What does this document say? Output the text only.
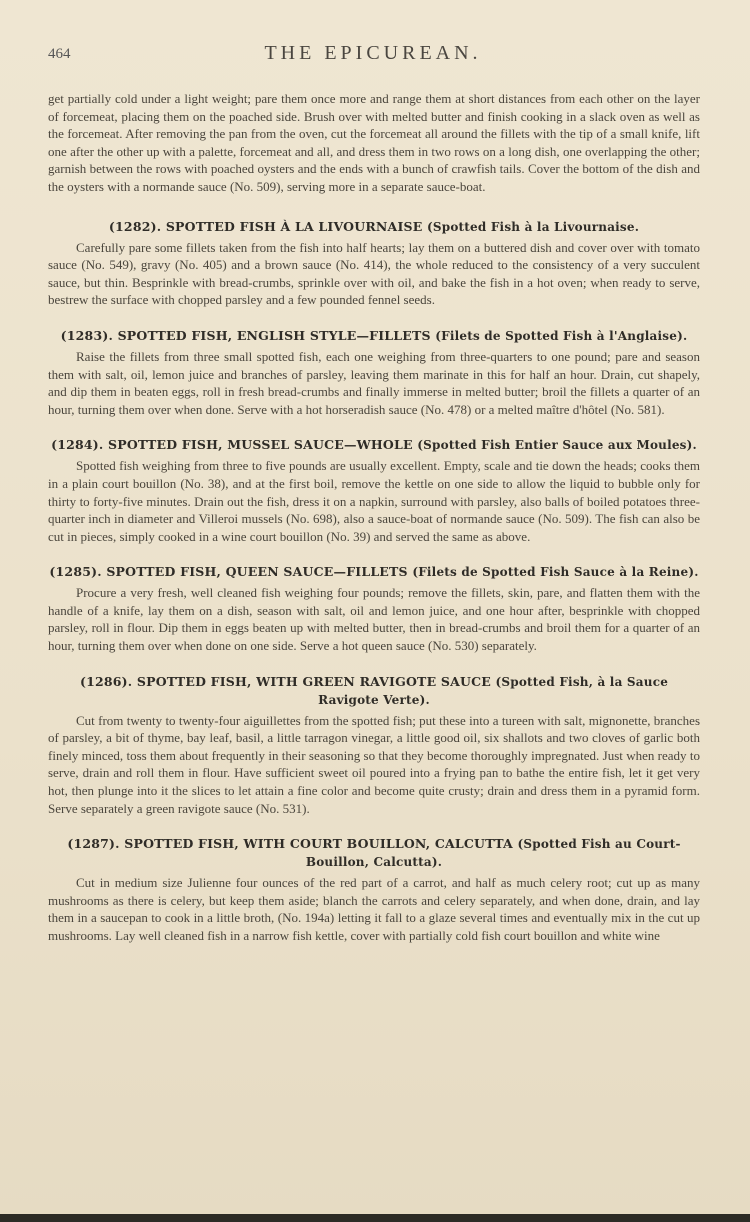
464	THE EPICUREAN.

get partially cold under a light weight; pare them once more and range them at short distances from each other on the layer of forcemeat, placing them on the poached side. Brush over with melted butter and finish cooking in a slack oven as well as the forcemeat. After removing the pan from the oven, cut the forcemeat all around the fillets with the tip of a small knife, lift one after the other up with a palette, forcemeat and all, and dress them in two rows on a long dish, one overlapping the other; garnish between the rows with poached oysters and the ends with a bunch of crawfish tails. Cover the bottom of the dish and the oysters with a normande sauce (No. 509), serving more in a separate sauce-boat.

(1282). SPOTTED FISH À LA LIVOURNAISE (Spotted Fish à la Livournaise.

Carefully pare some fillets taken from the fish into half hearts; lay them on a buttered dish and cover over with tomato sauce (No. 549), gravy (No. 405) and a brown sauce (No. 414), the whole reduced to the consistency of a very succulent sauce, but thin. Besprinkle with bread-crumbs, sprinkle over with oil, and bake the fish in a hot oven; when ready to serve, bestrew the surface with chopped parsley and a few pounded fennel seeds.

(1283). SPOTTED FISH, ENGLISH STYLE—FILLETS (Filets de Spotted Fish à l'Anglaise).

Raise the fillets from three small spotted fish, each one weighing from three-quarters to one pound; pare and season them with salt, oil, lemon juice and branches of parsley, leaving them marinate in this for half an hour. Drain, cut shapely, and dip them in beaten eggs, roll in fresh bread-crumbs and finally immerse in melted butter; broil the fillets a quarter of an hour, turning them over when done. Serve with a hot horseradish sauce (No. 478) or a melted maître d'hôtel (No. 581).

(1284). SPOTTED FISH, MUSSEL SAUCE—WHOLE (Spotted Fish Entier Sauce aux Moules).

Spotted fish weighing from three to five pounds are usually excellent. Empty, scale and tie down the heads; cooks them in a plain court bouillon (No. 38), and at the first boil, remove the kettle on one side to allow the liquid to bubble only for thirty to forty-five minutes. Drain out the fish, dress it on a napkin, surround with parsley, also balls of boiled potatoes three-quarter inch in diameter and Villeroi mussels (No. 698), also a sauce-boat of normande sauce (No. 509). The fish can also be cut in pieces, simply cooked in a wine court bouillon (No. 39) and served the same as above.

(1285). SPOTTED FISH, QUEEN SAUCE—FILLETS (Filets de Spotted Fish Sauce à la Reine).

Procure a very fresh, well cleaned fish weighing four pounds; remove the fillets, skin, pare, and flatten them with the handle of a knife, lay them on a dish, season with salt, oil and lemon juice, and one hour after, besprinkle with chopped parsley, roll in flour. Dip them in eggs beaten up with melted butter, then in bread-crumbs and broil them for a quarter of an hour, turning them over when done on one side. Serve a hot queen sauce (No. 530) separately.

(1286). SPOTTED FISH, WITH GREEN RAVIGOTE SAUCE (Spotted Fish, à la Sauce Ravigote Verte).

Cut from twenty to twenty-four aiguillettes from the spotted fish; put these into a tureen with salt, mignonette, branches of parsley, a bit of thyme, bay leaf, basil, a little tarragon vinegar, a little good oil, six shallots and two cloves of garlic both finely minced, toss them about frequently in their seasoning so that they become thoroughly impregnated. Just when ready to serve, drain and roll them in flour. Have sufficient sweet oil poured into a frying pan to bathe the entire fish, let it get very hot, then plunge into it the slices to let attain a fine color and become quite crusty; drain and dress them in a pyramid form. Serve separately a green ravigote sauce (No. 531).

(1287). SPOTTED FISH, WITH COURT BOUILLON, CALCUTTA (Spotted Fish au Court-Bouillon, Calcutta).

Cut in medium size Julienne four ounces of the red part of a carrot, and half as much celery root; cut up as many mushrooms as there is celery, but keep them aside; blanch the carrots and celery separately, and when done, drain, and lay them in a saucepan to cook in a little broth, (No. 194a) letting it fall to a glaze several times and eventually mix in the cut up mushrooms. Lay well cleaned fish in a narrow fish kettle, cover with partially cold fish court bouillon and white wine
